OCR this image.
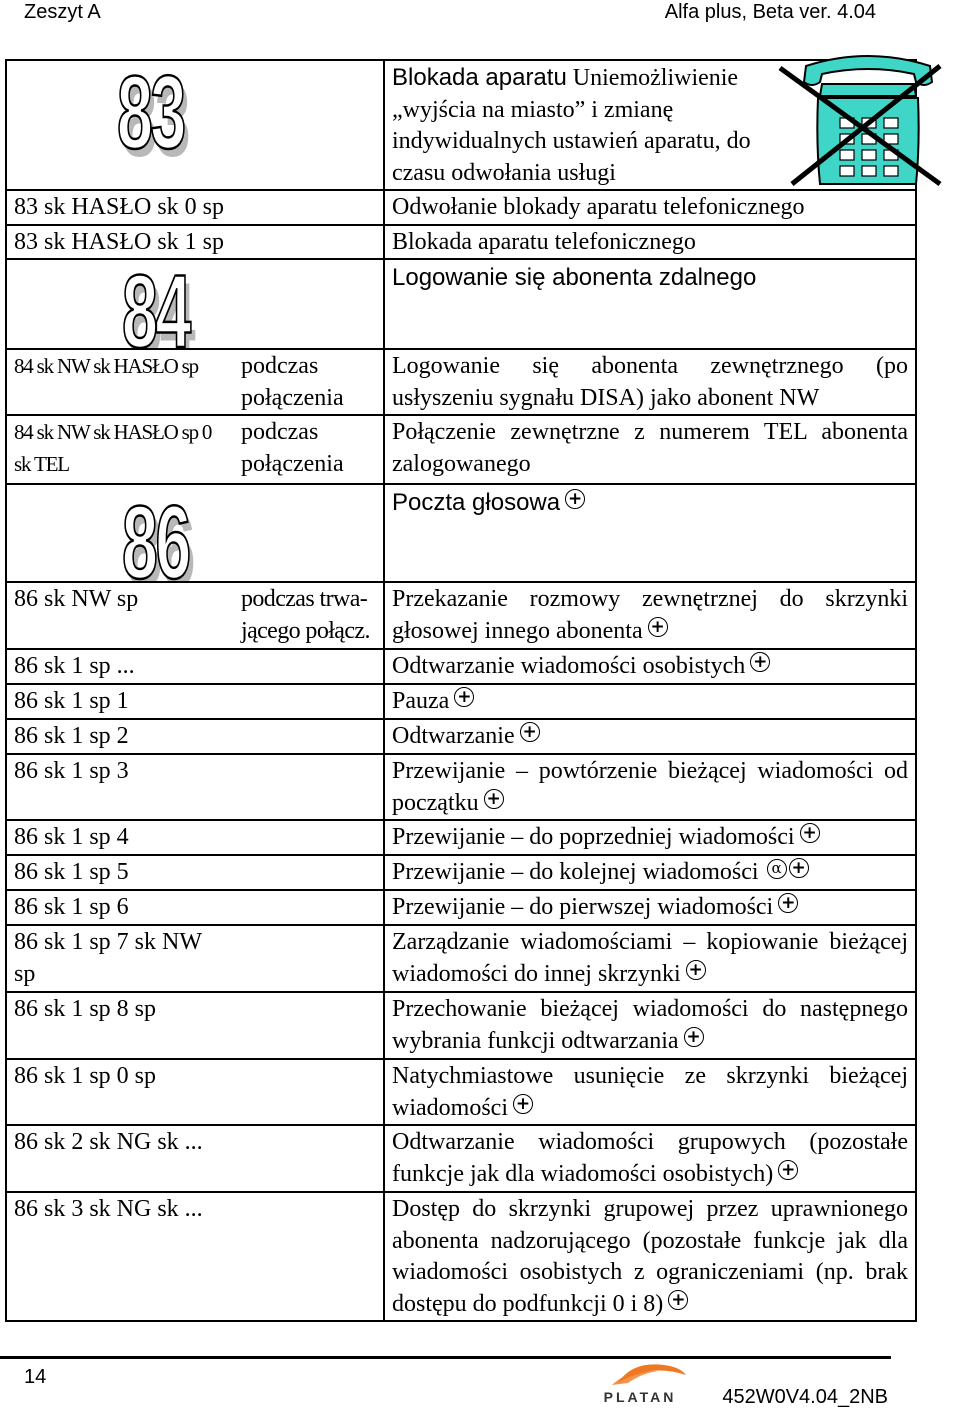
Zeszyt A	Alfa plus, Beta ver. 4.04
83		Blokada aparatu Uniemożliwienie „wyjścia na miasto” i zmianę indywidualnych ustawień aparatu, do czasu odwołania usługi
83 sk HASŁO sk 0 sp		Odwołanie blokady aparatu telefonicznego
83 sk HASŁO sk 1 sp		Blokada aparatu telefonicznego

84		Logowanie się abonenta zdalnego
84 sk NW sk HASŁO sp	podczas połączenia	Logowanie się abonenta zewnętrznego (po usłyszeniu sygnału DISA) jako abonent NW
84 sk NW sk HASŁO sp 0 sk TEL	podczas połączenia	Połączenie zewnętrzne z numerem TEL abonenta zalogowanego

86		Poczta głosowa +
86 sk NW sp	podczas trwa-jącego połącz.	Przekazanie rozmowy zewnętrznej do skrzynki głosowej innego abonenta +
86 sk 1 sp ...		Odtwarzanie wiadomości osobistych +
86 sk 1 sp 1		Pauza +
86 sk 1 sp 2		Odtwarzanie +
86 sk 1 sp 3		Przewijanie – powtórzenie bieżącej wiadomości od początku +
86 sk 1 sp 4		Przewijanie – do poprzedniej wiadomości +
86 sk 1 sp 5		Przewijanie – do kolejnej wiadomości α +
86 sk 1 sp 6		Przewijanie – do pierwszej wiadomości +
86 sk 1 sp 7 sk NW sp		Zarządzanie wiadomościami – kopiowanie bieżącej wiadomości do innej skrzynki +
86 sk 1 sp 8 sp		Przechowanie bieżącej wiadomości do następnego wybrania funkcji odtwarzania +
86 sk 1 sp 0 sp		Natychmiastowe usunięcie ze skrzynki bieżącej wiadomości +
86 sk 2 sk NG sk ...		Odtwarzanie wiadomości grupowych (pozostałe funkcje jak dla wiadomości osobistych) +
86 sk 3 sk NG sk ...		Dostęp do skrzynki grupowej przez uprawnionego abonenta nadzorującego (pozostałe funkcje jak dla wiadomości osobistych z ograniczeniami (np. brak dostępu do podfunkcji 0 i 8) +
14
PLATAN 452W0V4.04_2NB
